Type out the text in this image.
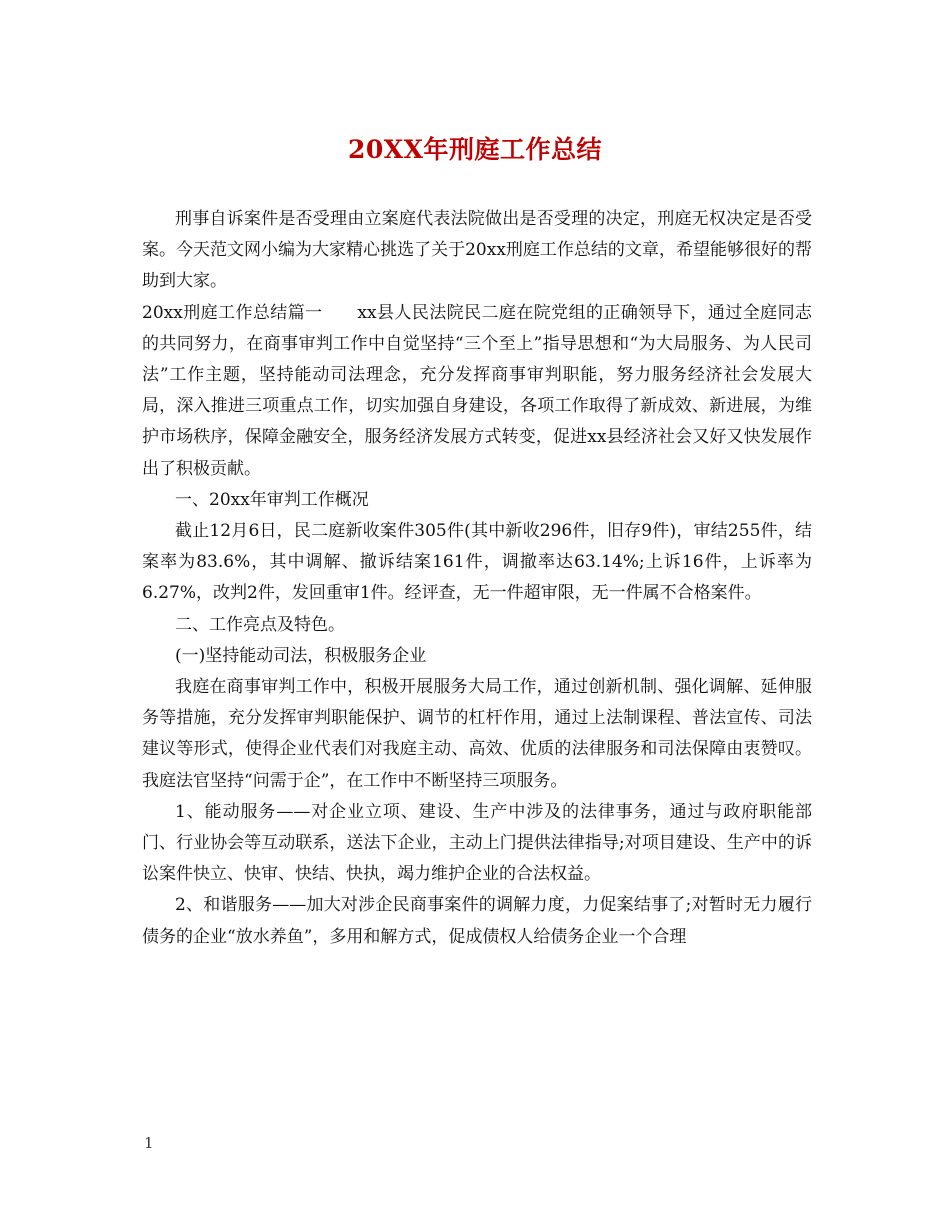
20XX年刑庭工作总结

刑事自诉案件是否受理由立案庭代表法院做出是否受理的决定，刑庭无权决定是否受案。今天范文网小编为大家精心挑选了关于20xx刑庭工作总结的文章，希望能够很好的帮助到大家。

20xx刑庭工作总结篇一　　xx县人民法院民二庭在院党组的正确领导下，通过全庭同志的共同努力，在商事审判工作中自觉坚持“三个至上”指导思想和“为大局服务、为人民司法”工作主题，坚持能动司法理念，充分发挥商事审判职能，努力服务经济社会发展大局，深入推进三项重点工作，切实加强自身建设，各项工作取得了新成效、新进展，为维护市场秩序，保障金融安全，服务经济发展方式转变，促进xx县经济社会又好又快发展作出了积极贡献。

一、20xx年审判工作概况

截止12月6日，民二庭新收案件305件(其中新收296件，旧存9件)，审结255件，结案率为83.6%，其中调解、撤诉结案161件，调撤率达63.14%;上诉16件，上诉率为6.27%，改判2件，发回重审1件。经评查，无一件超审限，无一件属不合格案件。

二、工作亮点及特色。

(一)坚持能动司法，积极服务企业

我庭在商事审判工作中，积极开展服务大局工作，通过创新机制、强化调解、延伸服务等措施，充分发挥审判职能保护、调节的杠杆作用，通过上法制课程、普法宣传、司法建议等形式，使得企业代表们对我庭主动、高效、优质的法律服务和司法保障由衷赞叹。我庭法官坚持“问需于企”，在工作中不断坚持三项服务。

1、能动服务——对企业立项、建设、生产中涉及的法律事务，通过与政府职能部门、行业协会等互动联系，送法下企业，主动上门提供法律指导;对项目建设、生产中的诉讼案件快立、快审、快结、快执，竭力维护企业的合法权益。

2、和谐服务——加大对涉企民商事案件的调解力度，力促案结事了;对暂时无力履行债务的企业“放水养鱼”，多用和解方式，促成债权人给债务企业一个合理

1
